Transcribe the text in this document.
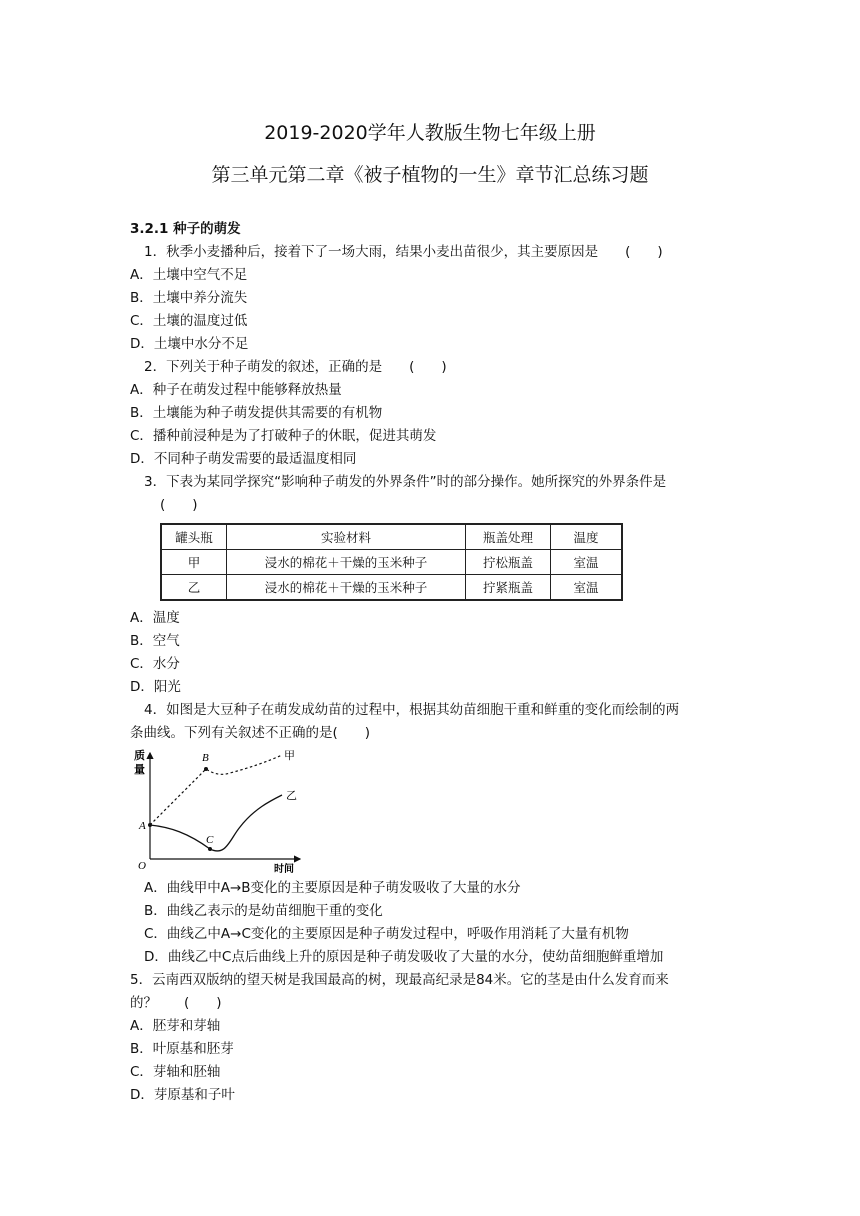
2019-2020学年人教版生物七年级上册
第三单元第二章《被子植物的一生》章节汇总练习题
3.2.1 种子的萌发
1．秋季小麦播种后，接着下了一场大雨，结果小麦出苗很少，其主要原因是　　(　　)
A．土壤中空气不足
B．土壤中养分流失
C．土壤的温度过低
D．土壤中水分不足
2．下列关于种子萌发的叙述，正确的是　　(　　)
A．种子在萌发过程中能够释放热量
B．土壤能为种子萌发提供其需要的有机物
C．播种前浸种是为了打破种子的休眠，促进其萌发
D．不同种子萌发需要的最适温度相同
3．下表为某同学探究“影响种子萌发的外界条件”时的部分操作。她所探究的外界条件是
(　　)
罐头瓶	实验材料	瓶盖处理	温度
甲	浸水的棉花＋干燥的玉米种子	拧松瓶盖	室温
乙	浸水的棉花＋干燥的玉米种子	拧紧瓶盖	室温
A．温度
B．空气
C．水分
D．阳光
4．如图是大豆种子在萌发成幼苗的过程中，根据其幼苗细胞干重和鲜重的变化而绘制的两
条曲线。下列有关叙述不正确的是(　　)
质
量
A
B
C
O
甲
乙
时间
A．曲线甲中A→B变化的主要原因是种子萌发吸收了大量的水分
B．曲线乙表示的是幼苗细胞干重的变化
C．曲线乙中A→C变化的主要原因是种子萌发过程中，呼吸作用消耗了大量有机物
D．曲线乙中C点后曲线上升的原因是种子萌发吸收了大量的水分，使幼苗细胞鲜重增加
5．云南西双版纳的望天树是我国最高的树，现最高纪录是84米。它的茎是由什么发育而来
的？　　(　　)
A．胚芽和芽轴
B．叶原基和胚芽
C．芽轴和胚轴
D．芽原基和子叶
